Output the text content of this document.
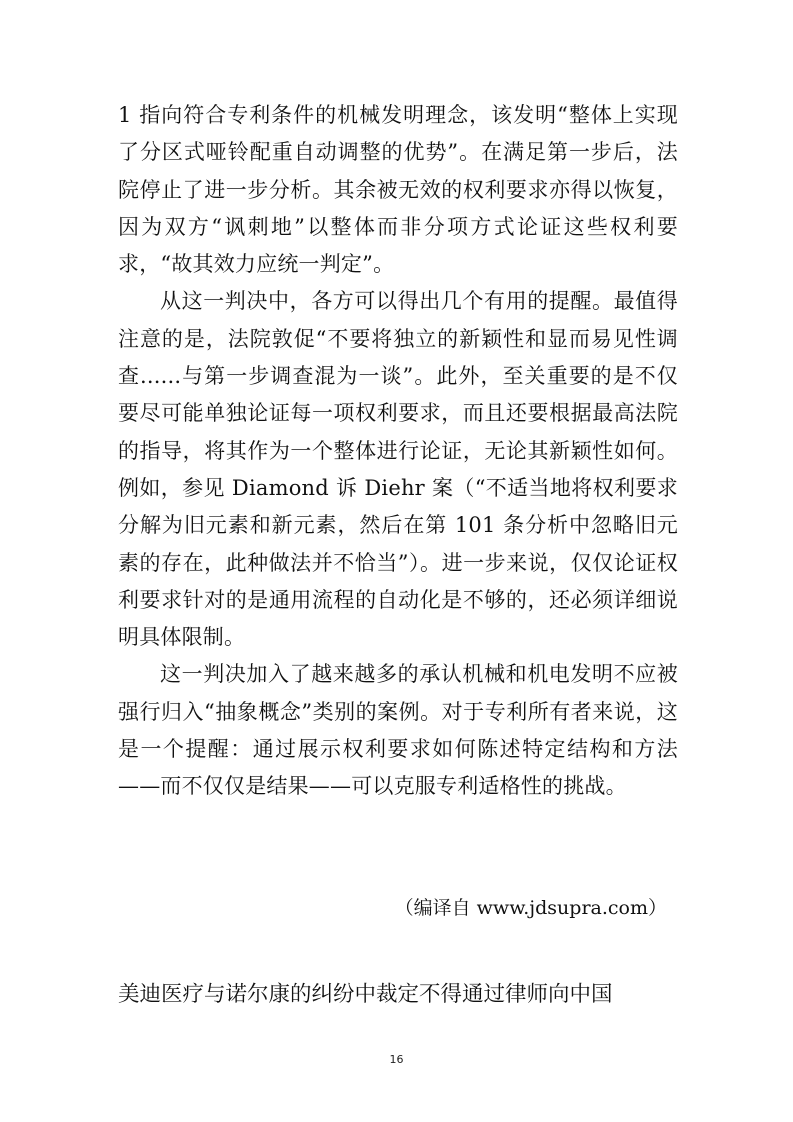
1 指向符合专利条件的机械发明理念，该发明“整体上实现了分区式哑铃配重自动调整的优势”。在满足第一步后，法院停止了进一步分析。其余被无效的权利要求亦得以恢复，因为双方“讽刺地”以整体而非分项方式论证这些权利要求，“故其效力应统一判定”。

从这一判决中，各方可以得出几个有用的提醒。最值得注意的是，法院敦促“不要将独立的新颖性和显而易见性调查......与第一步调查混为一谈”。此外，至关重要的是不仅要尽可能单独论证每一项权利要求，而且还要根据最高法院的指导，将其作为一个整体进行论证，无论其新颖性如何。例如，参见 Diamond 诉 Diehr 案（“不适当地将权利要求分解为旧元素和新元素，然后在第 101 条分析中忽略旧元素的存在，此种做法并不恰当”）。进一步来说，仅仅论证权利要求针对的是通用流程的自动化是不够的，还必须详细说明具体限制。

这一判决加入了越来越多的承认机械和机电发明不应被强行归入“抽象概念”类别的案例。对于专利所有者来说，这是一个提醒：通过展示权利要求如何陈述特定结构和方法——而不仅仅是结果——可以克服专利适格性的挑战。

（编译自 www.jdsupra.com）
美迪医疗与诺尔康的纠纷中裁定不得通过律师向中国
16
